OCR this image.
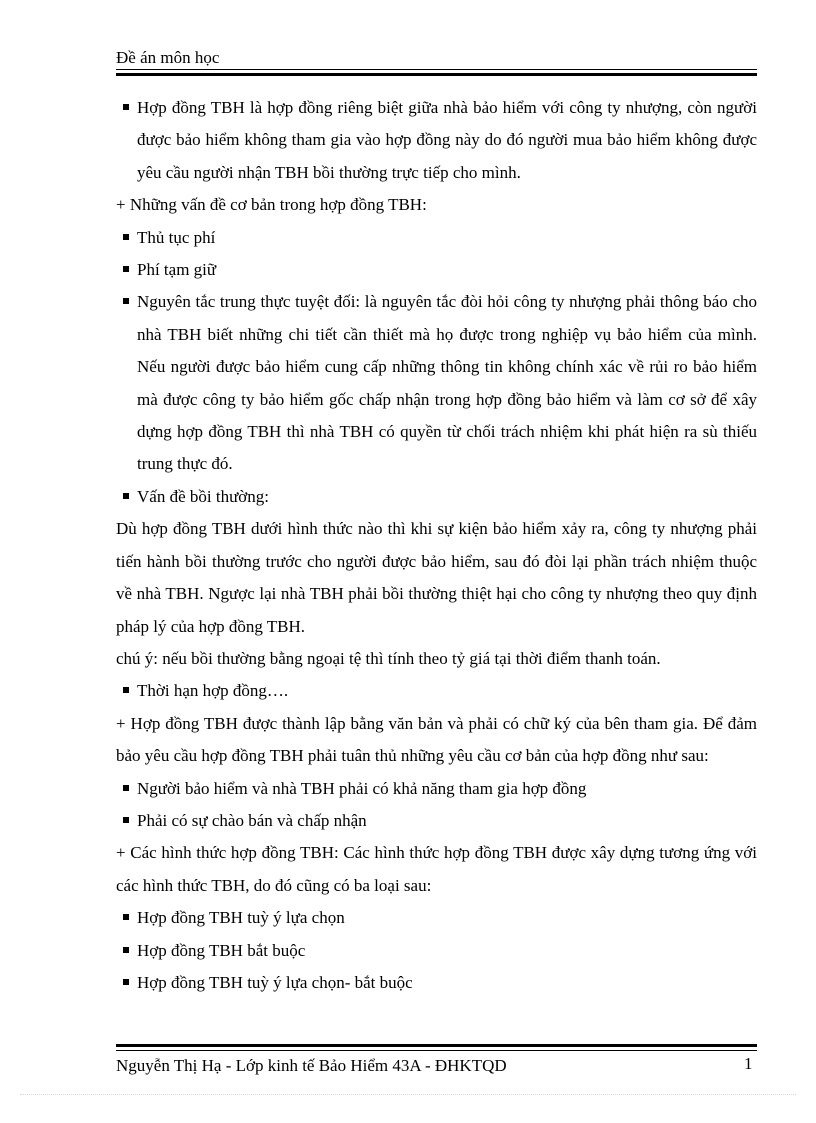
Đề án môn học

Hợp đồng TBH là hợp đồng riêng biệt giữa nhà bảo hiểm với công ty nhượng, còn người được bảo hiểm không tham gia vào hợp đồng này do đó người mua bảo hiểm không được yêu cầu người nhận TBH bồi thường trực tiếp cho mình.

+ Những vấn đề cơ bản trong hợp đồng TBH:

Thủ tục phí

Phí tạm giữ

Nguyên tắc trung thực tuyệt đối: là nguyên tắc đòi hỏi công ty nhượng phải thông báo cho nhà TBH biết những chi tiết cần thiết mà họ được trong nghiệp vụ bảo hiểm của mình. Nếu người được bảo hiểm cung cấp những thông tin không chính xác về rủi ro bảo hiểm mà được công ty bảo hiểm gốc chấp nhận trong hợp đồng bảo hiểm và làm cơ sở để xây dựng hợp đồng TBH thì nhà TBH có quyền từ chối trách nhiệm khi phát hiện ra sù thiếu trung thực đó.

Vấn đề bồi thường:

Dù hợp đồng TBH dưới hình thức nào thì khi sự kiện bảo hiểm xảy ra, công ty nhượng phải tiến hành bồi thường trước cho người được bảo hiểm, sau đó đòi lại phần trách nhiệm thuộc về nhà TBH. Ngược lại nhà TBH phải bồi thường thiệt hại cho công ty nhượng theo quy định pháp lý của hợp đồng TBH.

chú ý: nếu bồi thường bằng ngoại tệ thì tính theo tỷ giá tại thời điểm thanh toán.

Thời hạn hợp đồng….

+ Hợp đồng TBH được thành lập bằng văn bản và phải có chữ ký của bên tham gia. Để đảm bảo yêu cầu hợp đồng TBH phải tuân thủ những yêu cầu cơ bản của hợp đồng như sau:

Người bảo hiểm và nhà TBH phải có khả năng tham gia hợp đồng

Phải có sự chào bán và chấp nhận

+ Các hình thức hợp đồng TBH: Các hình thức hợp đồng TBH được xây dựng tương ứng với các hình thức TBH, do đó cũng có ba loại sau:

Hợp đồng TBH tuỳ ý lựa chọn

Hợp đồng TBH bắt buộc

Hợp đồng TBH tuỳ ý lựa chọn- bắt buộc

Nguyễn Thị Hạ - Lớp kinh tế Bảo Hiểm 43A - ĐHKTQD	1
